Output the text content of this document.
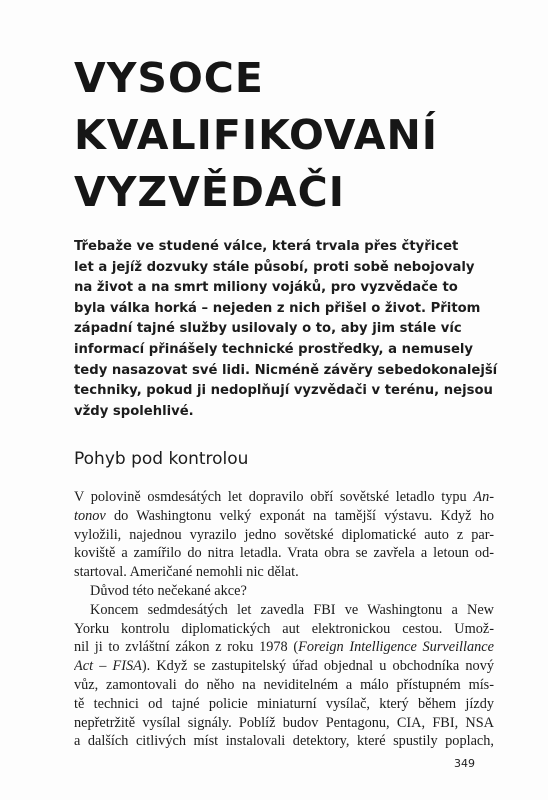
VYSOCE
KVALIFIKOVANÍ
VYZVĚDAČI
Třebaže ve studené válce, která trvala přes čtyřicet
let a jejíž dozvuky stále působí, proti sobě nebojovaly
na život a na smrt miliony vojáků, pro vyzvědače to
byla válka horká – nejeden z nich přišel o život. Přitom
západní tajné služby usilovaly o to, aby jim stále víc
informací přinášely technické prostředky, a nemusely
tedy nasazovat své lidi. Nicméně závěry sebedokonalejší
techniky, pokud ji nedoplňují vyzvědači v terénu, nejsou
vždy spolehlivé.
Pohyb pod kontrolou
V polovině osmdesátých let dopravilo obří sovětské letadlo typu An-
tonov do Washingtonu velký exponát na tamější výstavu. Když ho
vyložili, najednou vyrazilo jedno sovětské diplomatické auto z par-
koviště a zamířilo do nitra letadla. Vrata obra se zavřela a letoun od-
startoval. Američané nemohli nic dělat.
Důvod této nečekané akce?
Koncem sedmdesátých let zavedla FBI ve Washingtonu a New
Yorku kontrolu diplomatických aut elektronickou cestou. Umož-
nil ji to zvláštní zákon z roku 1978 (Foreign Intelligence Surveillance
Act – FISA). Když se zastupitelský úřad objednal u obchodníka nový
vůz, zamontovali do něho na neviditelném a málo přístupném mís-
tě technici od tajné policie miniaturní vysílač, který během jízdy
nepřetržitě vysílal signály. Poblíž budov Pentagonu, CIA, FBI, NSA
a dalších citlivých míst instalovali detektory, které spustily poplach,
349
